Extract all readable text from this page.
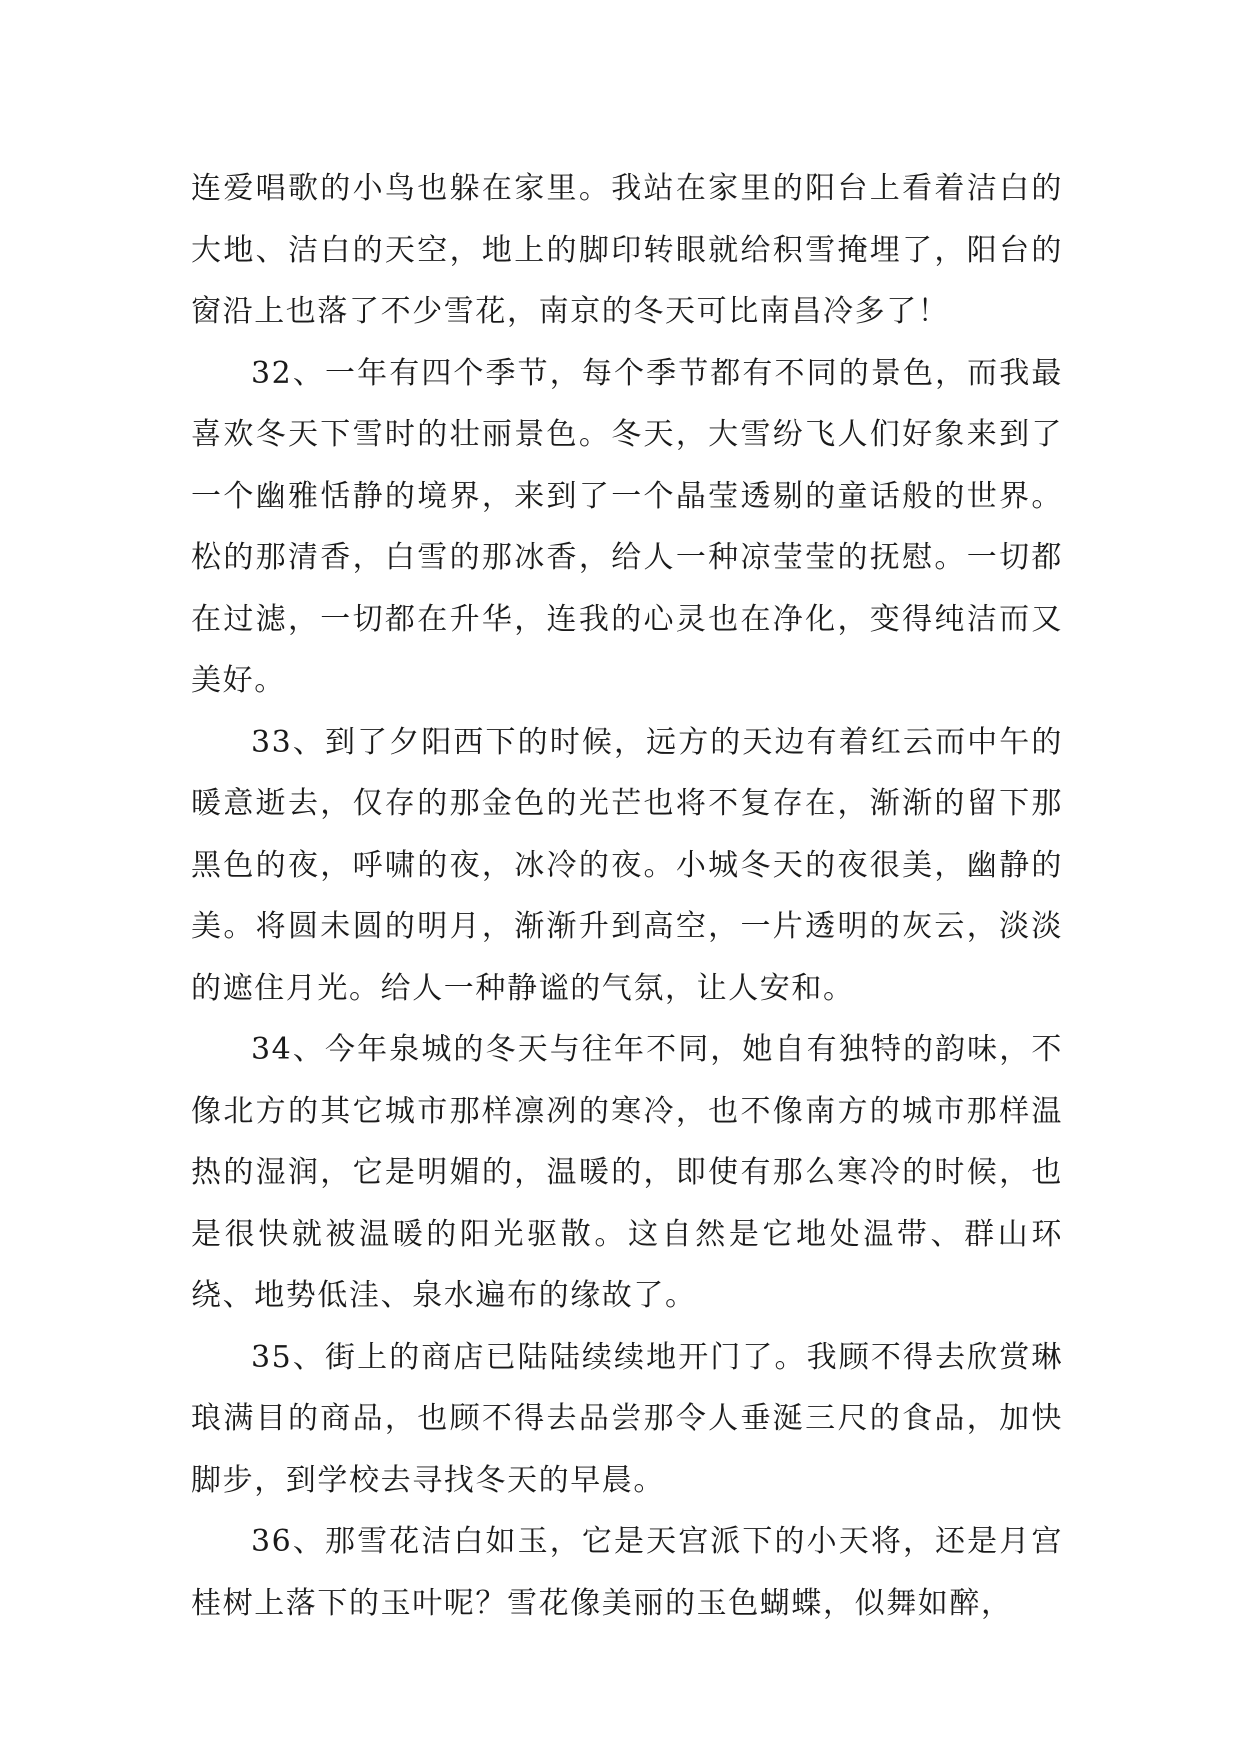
连爱唱歌的小鸟也躲在家里。我站在家里的阳台上看着洁白的大地、洁白的天空，地上的脚印转眼就给积雪掩埋了，阳台的窗沿上也落了不少雪花，南京的冬天可比南昌冷多了！

32、一年有四个季节，每个季节都有不同的景色，而我最喜欢冬天下雪时的壮丽景色。冬天，大雪纷飞人们好象来到了一个幽雅恬静的境界，来到了一个晶莹透剔的童话般的世界。松的那清香，白雪的那冰香，给人一种凉莹莹的抚慰。一切都在过滤，一切都在升华，连我的心灵也在净化，变得纯洁而又美好。

33、到了夕阳西下的时候，远方的天边有着红云而中午的暖意逝去，仅存的那金色的光芒也将不复存在，渐渐的留下那黑色的夜，呼啸的夜，冰冷的夜。小城冬天的夜很美，幽静的美。将圆未圆的明月，渐渐升到高空，一片透明的灰云，淡淡的遮住月光。给人一种静谧的气氛，让人安和。

34、今年泉城的冬天与往年不同，她自有独特的韵味，不像北方的其它城市那样凛冽的寒冷，也不像南方的城市那样温热的湿润，它是明媚的，温暖的，即使有那么寒冷的时候，也是很快就被温暖的阳光驱散。这自然是它地处温带、群山环绕、地势低洼、泉水遍布的缘故了。

35、街上的商店已陆陆续续地开门了。我顾不得去欣赏琳琅满目的商品，也顾不得去品尝那令人垂涎三尺的食品，加快脚步，到学校去寻找冬天的早晨。

36、那雪花洁白如玉，它是天宫派下的小天将，还是月宫桂树上落下的玉叶呢？雪花像美丽的玉色蝴蝶，似舞如醉，
